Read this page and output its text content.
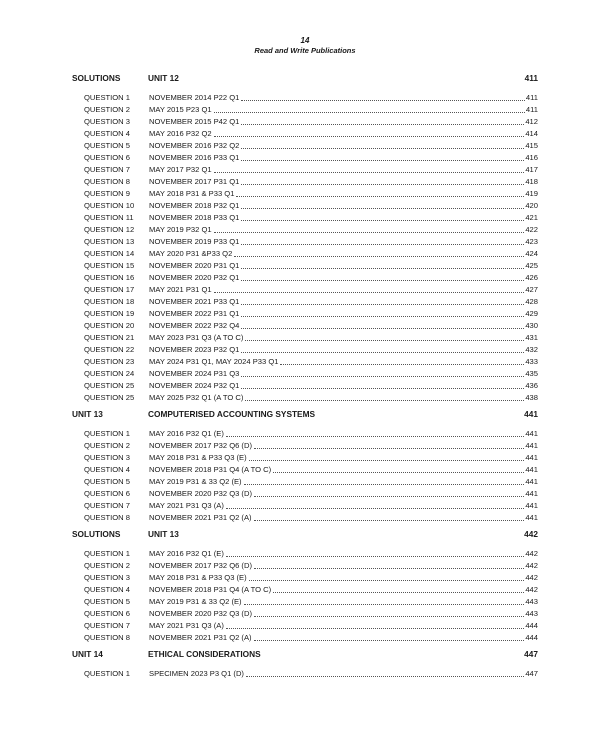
14
Read and Write Publications
SOLUTIONS	UNIT 12	411
QUESTION 1	NOVEMBER 2014 P22 Q1	411
QUESTION 2	MAY 2015 P23 Q1	411
QUESTION 3	NOVEMBER 2015 P42 Q1	412
QUESTION 4	MAY 2016 P32 Q2	414
QUESTION 5	NOVEMBER 2016 P32 Q2	415
QUESTION 6	NOVEMBER 2016 P33 Q1	416
QUESTION 7	MAY 2017 P32 Q1	417
QUESTION 8	NOVEMBER 2017 P31 Q1	418
QUESTION 9	MAY 2018 P31 & P33 Q1	419
QUESTION 10 NOVEMBER 2018 P32 Q1	420
QUESTION 11 NOVEMBER 2018 P33 Q1	421
QUESTION 12 MAY 2019 P32 Q1	422
QUESTION 13 NOVEMBER 2019 P33 Q1	423
QUESTION 14 MAY 2020 P31 &P33 Q2	424
QUESTION 15 NOVEMBER 2020 P31 Q1	425
QUESTION 16 NOVEMBER 2020 P32 Q1	426
QUESTION 17 MAY 2021 P31 Q1	427
QUESTION 18 NOVEMBER 2021 P33 Q1	428
QUESTION 19 NOVEMBER 2022 P31 Q1	429
QUESTION 20 NOVEMBER 2022 P32 Q4	430
QUESTION 21 MAY 2023 P31 Q3 (A TO C)	431
QUESTION 22 NOVEMBER 2023 P32 Q1	432
QUESTION 23 MAY 2024 P31 Q1, MAY 2024 P33 Q1	433
QUESTION 24 NOVEMBER 2024 P31 Q3	435
QUESTION 25 NOVEMBER 2024 P32 Q1	436
QUESTION 25 MAY 2025 P32 Q1 (A TO C)	438
UNIT 13	COMPUTERISED ACCOUNTING SYSTEMS	441
QUESTION 1	MAY 2016 P32 Q1 (E)	441
QUESTION 2	NOVEMBER 2017 P32 Q6 (D)	441
QUESTION 3	MAY 2018 P31 & P33 Q3 (E)	441
QUESTION 4	NOVEMBER 2018 P31 Q4 (A TO C)	441
QUESTION 5	MAY 2019 P31 & 33 Q2 (E)	441
QUESTION 6	NOVEMBER 2020 P32 Q3 (D)	441
QUESTION 7	MAY 2021 P31 Q3 (A)	441
QUESTION 8	NOVEMBER 2021 P31 Q2 (A)	441
SOLUTIONS	UNIT 13	442
QUESTION 1	MAY 2016 P32 Q1 (E)	442
QUESTION 2	NOVEMBER 2017 P32 Q6 (D)	442
QUESTION 3	MAY 2018 P31 & P33 Q3 (E)	442
QUESTION 4	NOVEMBER 2018 P31 Q4 (A TO C)	442
QUESTION 5	MAY 2019 P31 & 33 Q2 (E)	443
QUESTION 6	NOVEMBER 2020 P32 Q3 (D)	443
QUESTION 7	MAY 2021 P31 Q3 (A)	444
QUESTION 8	NOVEMBER 2021 P31 Q2 (A)	444
UNIT 14	ETHICAL CONSIDERATIONS	447
QUESTION 1	SPECIMEN 2023 P3 Q1 (D)	447
